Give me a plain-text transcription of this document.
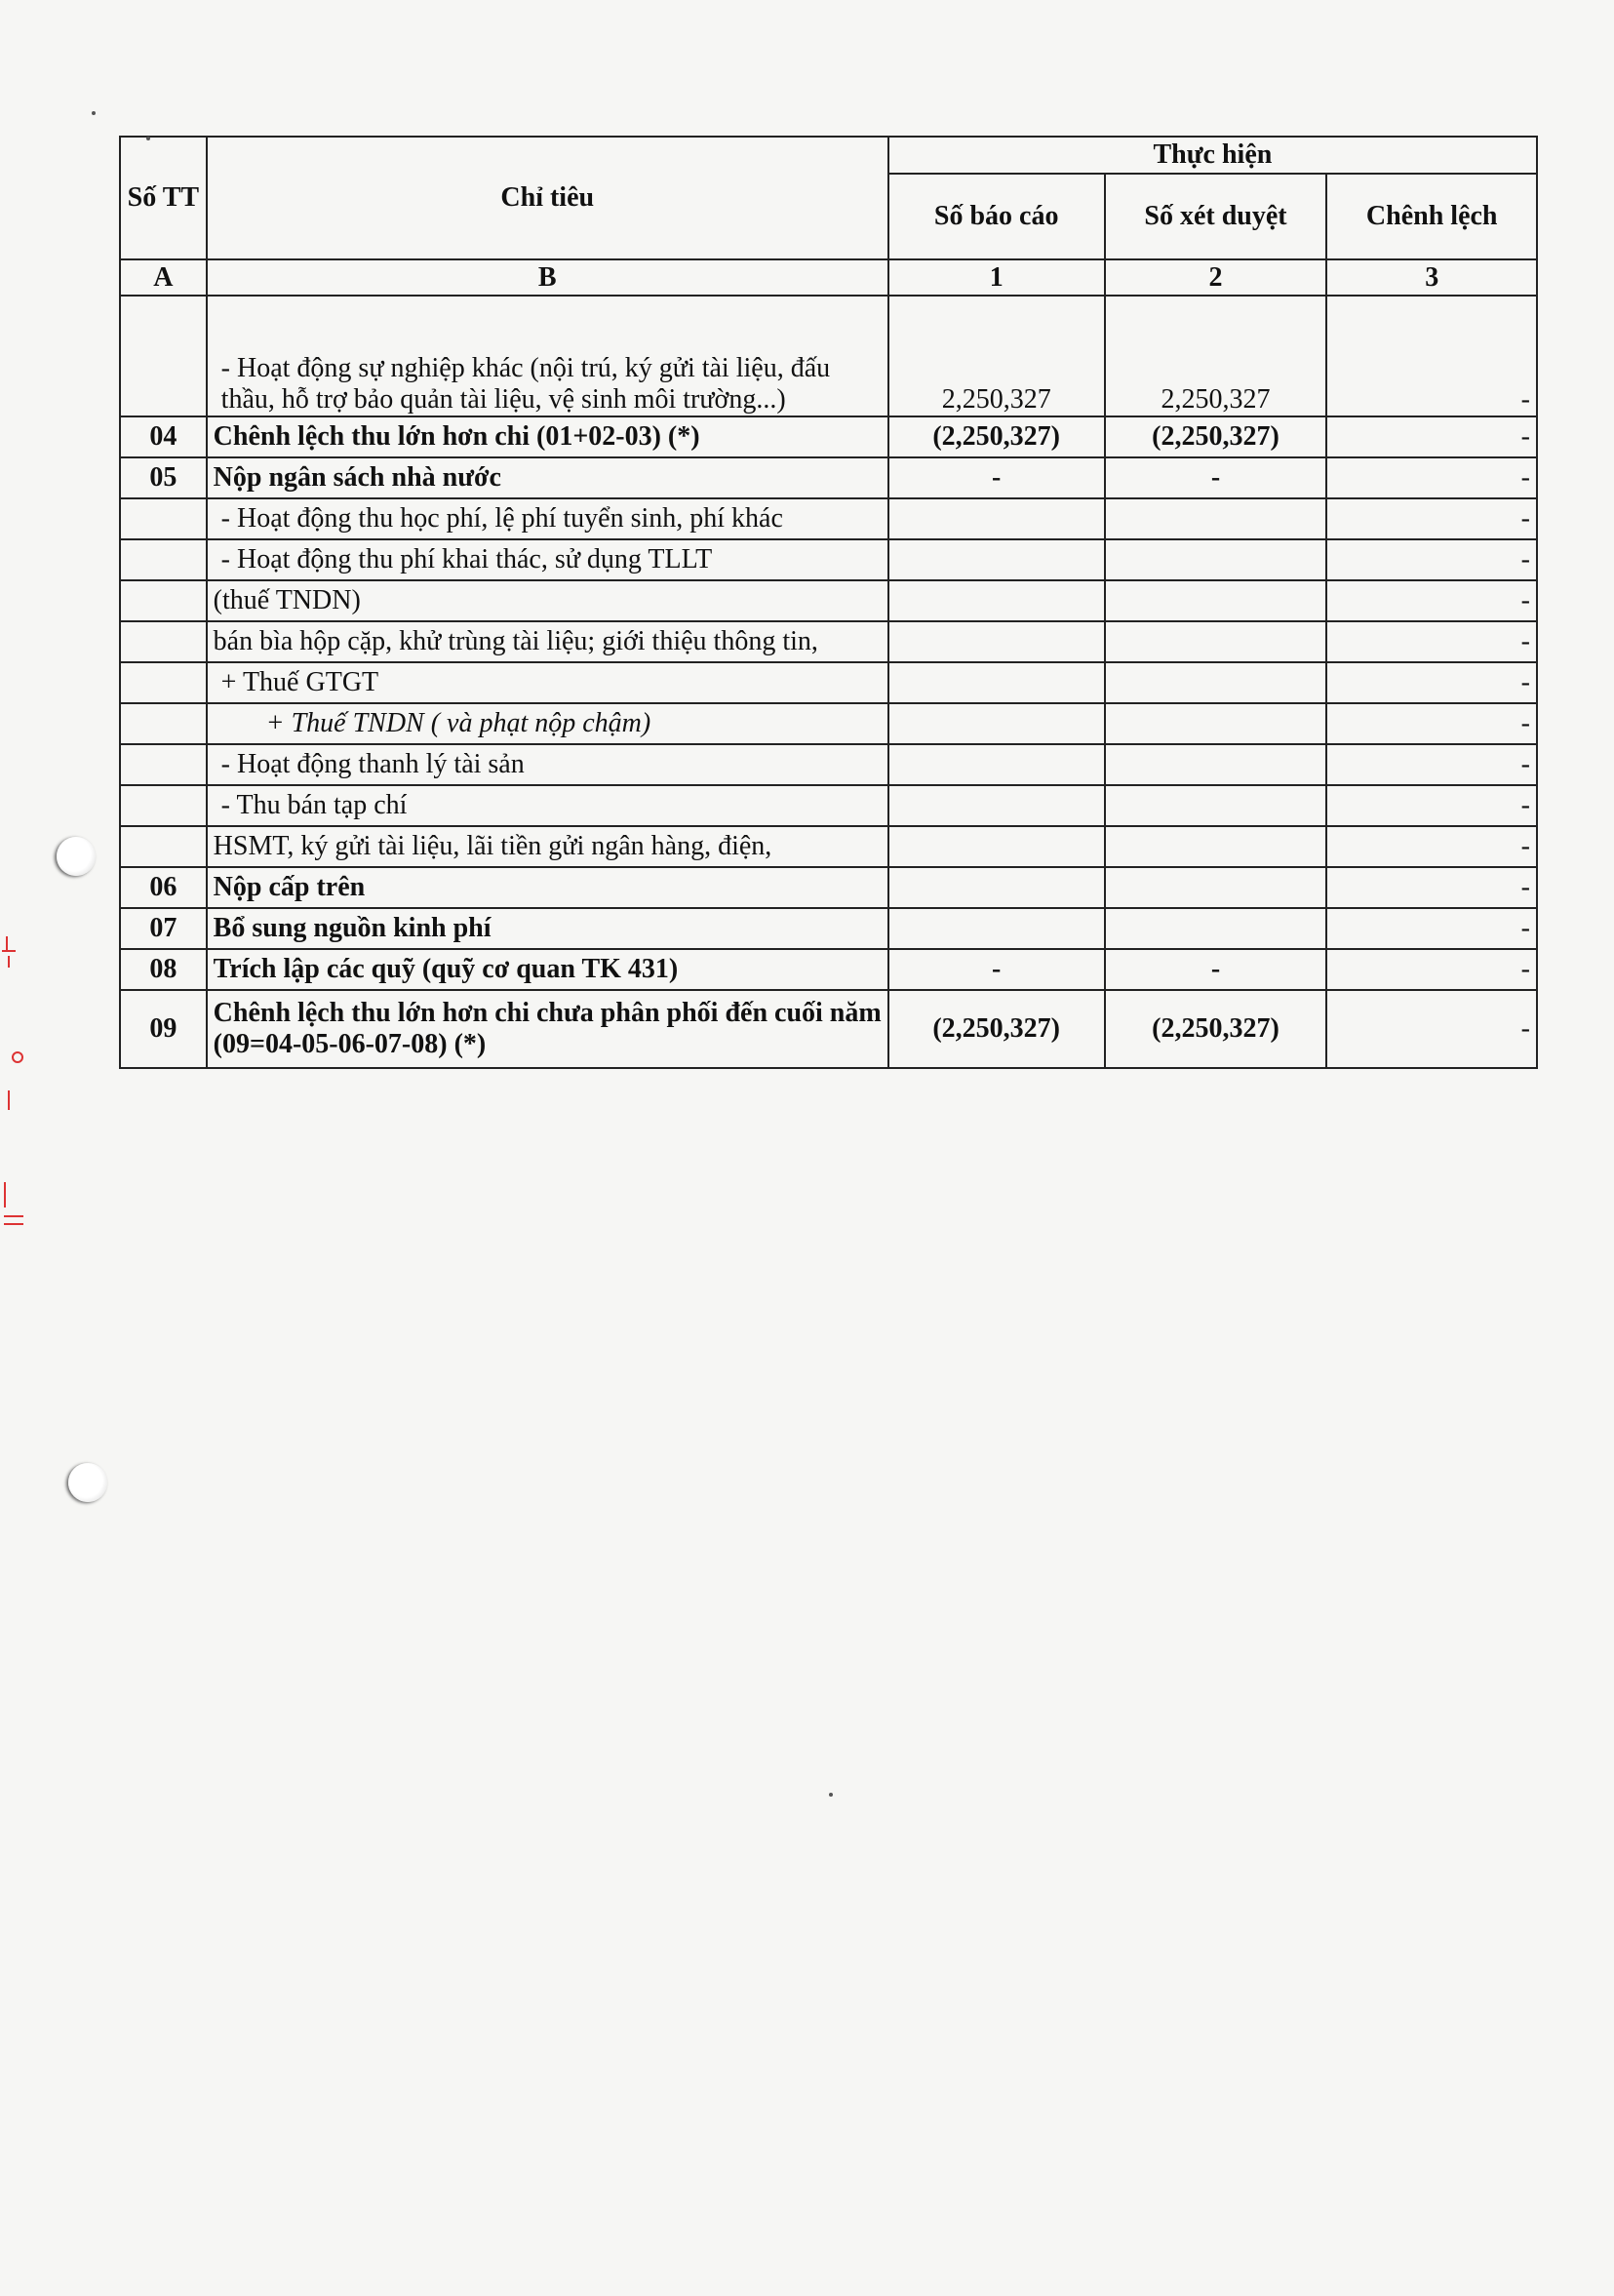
Số TT	Chỉ tiêu	Thực hiện		
		Số báo cáo	Số xét duyệt	Chênh lệch
A	B	1	2	3
	- Hoạt động sự nghiệp khác (nội trú, ký gửi tài liệu, đấu thầu, hỗ trợ bảo quản tài liệu, vệ sinh môi trường...)	2,250,327	2,250,327	-
04	Chênh lệch thu lớn hơn chi (01+02-03) (*)	(2,250,327)	(2,250,327)	-
05	Nộp ngân sách nhà nước	-	-	-
	- Hoạt động thu học phí, lệ phí tuyển sinh, phí khác			-
	- Hoạt động thu phí khai thác, sử dụng TLLT			-
	(thuế TNDN)			-
	bán bìa hộp cặp, khử trùng tài liệu; giới thiệu thông tin,			-
	+ Thuế GTGT			-
	+ Thuế TNDN ( và phạt nộp chậm)			-
	- Hoạt động thanh lý tài sản			-
	- Thu bán tạp chí			-
	HSMT, ký gửi tài liệu, lãi tiền gửi ngân hàng, điện,			-
06	Nộp cấp trên			-
07	Bổ sung nguồn kinh phí			-
08	Trích lập các quỹ (quỹ cơ quan TK 431)	-	-	-
09	Chênh lệch thu lớn hơn chi chưa phân phối đến cuối năm (09=04-05-06-07-08) (*)	(2,250,327)	(2,250,327)	-
